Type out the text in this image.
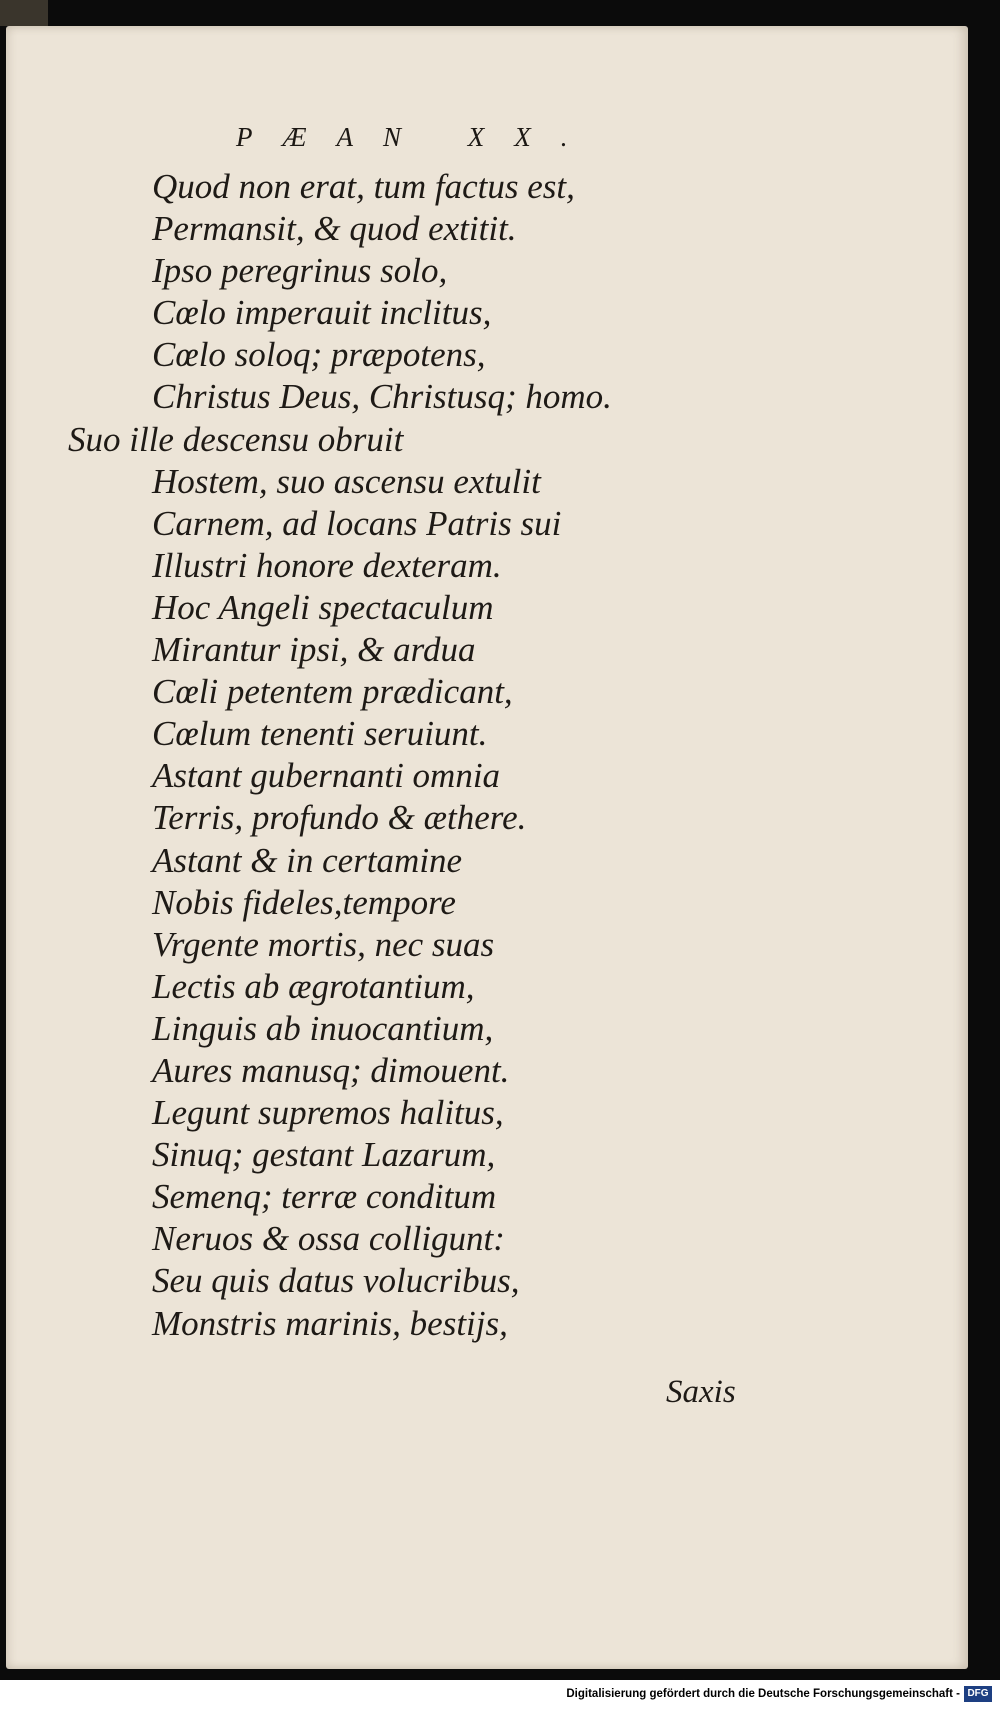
PÆAN XX.
Quod non erat, tum factus est,
Permansit, & quod extitit.
Ipso peregrinus solo,
Cœlo imperauit inclitus,
Cœlo soloq; præpotens,
Christus Deus, Christusq; homo.
Suo ille descensu obruit
Hostem, suo ascensu extulit
Carnem, ad locans Patris sui
Illustri honore dexteram.
Hoc Angeli spectaculum
Mirantur ipsi, & ardua
Cœli petentem prædicant,
Cœlum tenenti seruiunt.
Astant gubernanti omnia
Terris, profundo & æthere.
Astant & in certamine
Nobis fideles,tempore
Vrgente mortis, nec suas
Lectis ab ægrotantium,
Linguis ab inuocantium,
Aures manusq; dimouent.
Legunt supremos halitus,
Sinuq; gestant Lazarum,
Semenq; terræ conditum
Neruos & ossa colligunt:
Seu quis datus volucribus,
Monstris marinis, bestijs,
Saxis
Digitalisierung gefördert durch die Deutsche Forschungsgemeinschaft - DFG
